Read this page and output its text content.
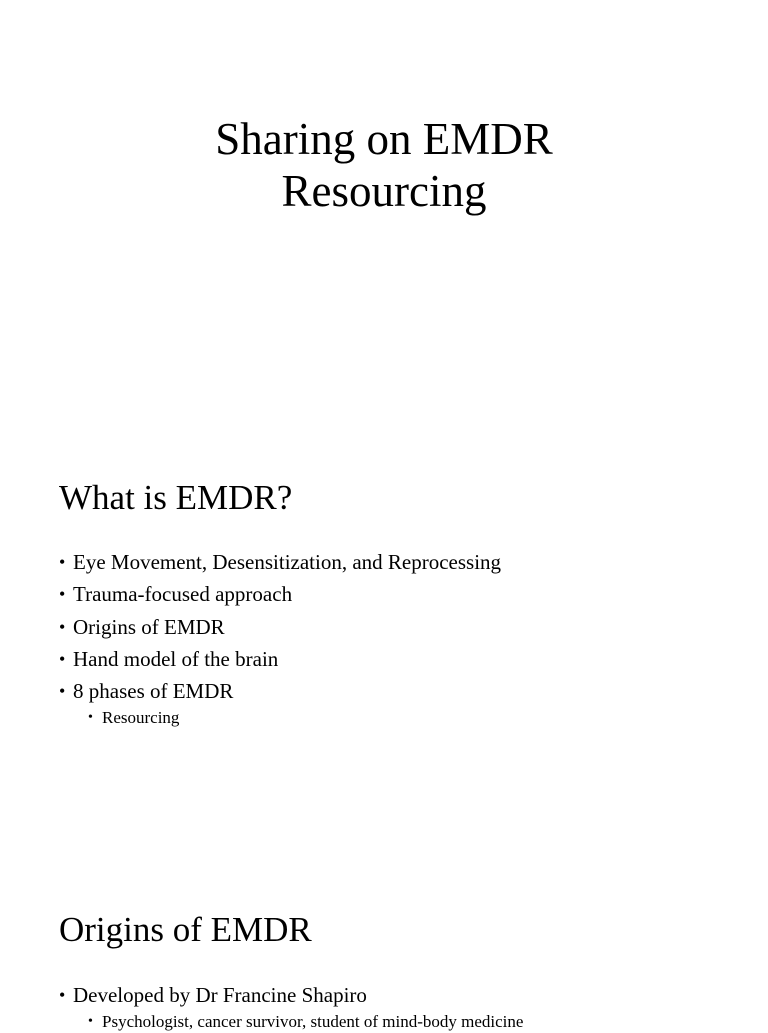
Sharing on EMDR
Resourcing
What is EMDR?
• Eye Movement, Desensitization, and Reprocessing
• Trauma-focused approach
• Origins of EMDR
• Hand model of the brain
• 8 phases of EMDR
• Resourcing
Origins of EMDR
• Developed by Dr Francine Shapiro
• Psychologist, cancer survivor, student of mind-body medicine
